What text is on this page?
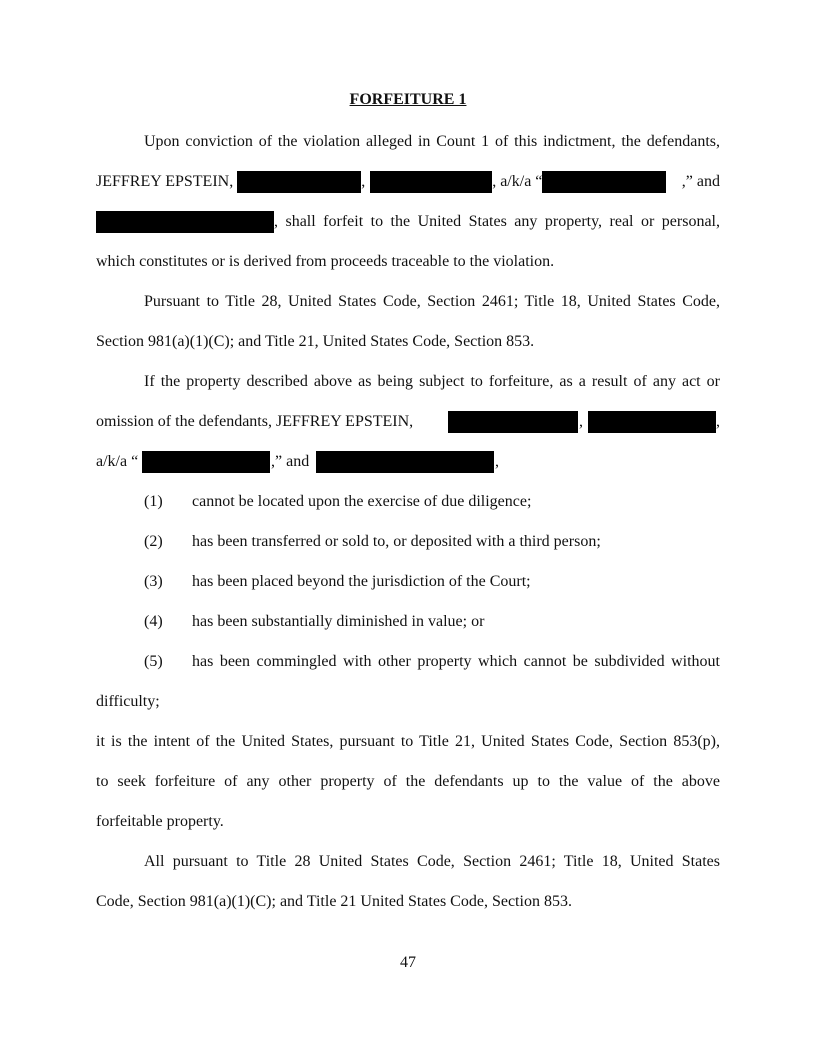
FORFEITURE 1
Upon conviction of the violation alleged in Count 1 of this indictment, the defendants,
JEFFREY EPSTEIN,	,	, a/k/a “	,” and
, shall forfeit to the United States any property, real or personal,
which constitutes or is derived from proceeds traceable to the violation.
Pursuant to Title 28, United States Code, Section 2461; Title 18, United States Code,
Section 981(a)(1)(C); and Title 21, United States Code, Section 853.
If the property described above as being subject to forfeiture, as a result of any act or
omission of the defendants, JEFFREY EPSTEIN,	,	,
a/k/a “	,” and	,
(1) cannot be located upon the exercise of due diligence;
(2) has been transferred or sold to, or deposited with a third person;
(3) has been placed beyond the jurisdiction of the Court;
(4) has been substantially diminished in value; or
(5) has been commingled with other property which cannot be subdivided without
difficulty;
it is the intent of the United States, pursuant to Title 21, United States Code, Section 853(p),
to seek forfeiture of any other property of the defendants up to the value of the above
forfeitable property.
All pursuant to Title 28 United States Code, Section 2461; Title 18, United States
Code, Section 981(a)(1)(C); and Title 21 United States Code, Section 853.
47
